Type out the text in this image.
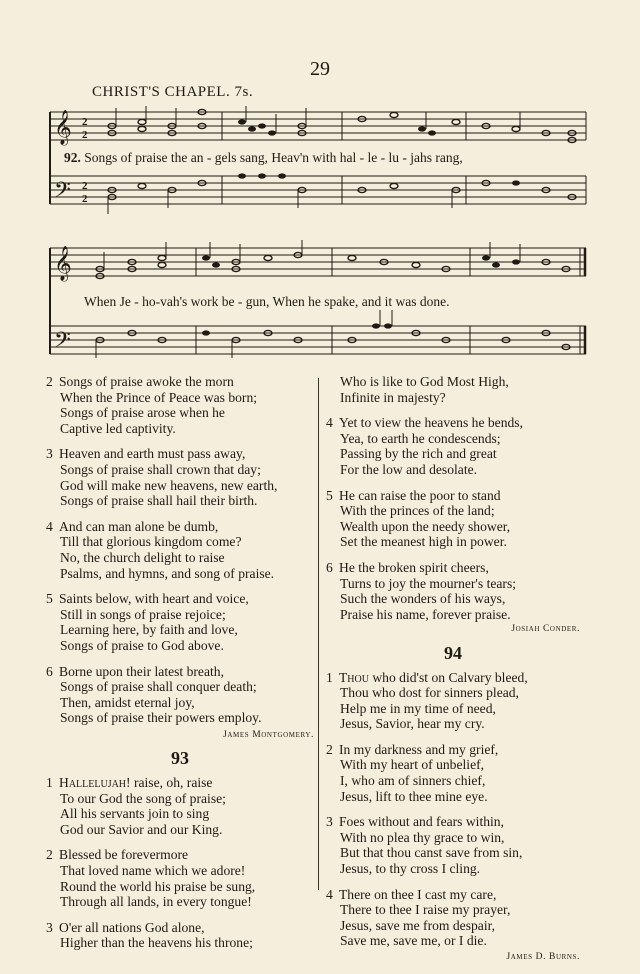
29
CHRIST'S CHAPEL. 7s.
𝄞
𝄢
2
2
2
2
92. Songs of praise the an - gels sang, Heav'n with hal - le - lu - jahs rang,
𝄞
𝄢
When Je - ho-vah's work be - gun, When he spake, and it was done.
2 Songs of praise awoke the morn
When the Prince of Peace was born;
Songs of praise arose when he
Captive led captivity.
3 Heaven and earth must pass away,
Songs of praise shall crown that day;
God will make new heavens, new earth,
Songs of praise shall hail their birth.
4 And can man alone be dumb,
Till that glorious kingdom come?
No, the church delight to raise
Psalms, and hymns, and song of praise.
5 Saints below, with heart and voice,
Still in songs of praise rejoice;
Learning here, by faith and love,
Songs of praise to God above.
6 Borne upon their latest breath,
Songs of praise shall conquer death;
Then, amidst eternal joy,
Songs of praise their powers employ.
James Montgomery.
93
1 Hallelujah! raise, oh, raise
To our God the song of praise;
All his servants join to sing
God our Savior and our King.
2 Blessed be forevermore
That loved name which we adore!
Round the world his praise be sung,
Through all lands, in every tongue!
3 O'er all nations God alone,
Higher than the heavens his throne;
Who is like to God Most High,
Infinite in majesty?
4 Yet to view the heavens he bends,
Yea, to earth he condescends;
Passing by the rich and great
For the low and desolate.
5 He can raise the poor to stand
With the princes of the land;
Wealth upon the needy shower,
Set the meanest high in power.
6 He the broken spirit cheers,
Turns to joy the mourner's tears;
Such the wonders of his ways,
Praise his name, forever praise.
Josiah Conder.
94
1 Thou who did'st on Calvary bleed,
Thou who dost for sinners plead,
Help me in my time of need,
Jesus, Savior, hear my cry.
2 In my darkness and my grief,
With my heart of unbelief,
I, who am of sinners chief,
Jesus, lift to thee mine eye.
3 Foes without and fears within,
With no plea thy grace to win,
But that thou canst save from sin,
Jesus, to thy cross I cling.
4 There on thee I cast my care,
There to thee I raise my prayer,
Jesus, save me from despair,
Save me, save me, or I die.
James D. Burns.
